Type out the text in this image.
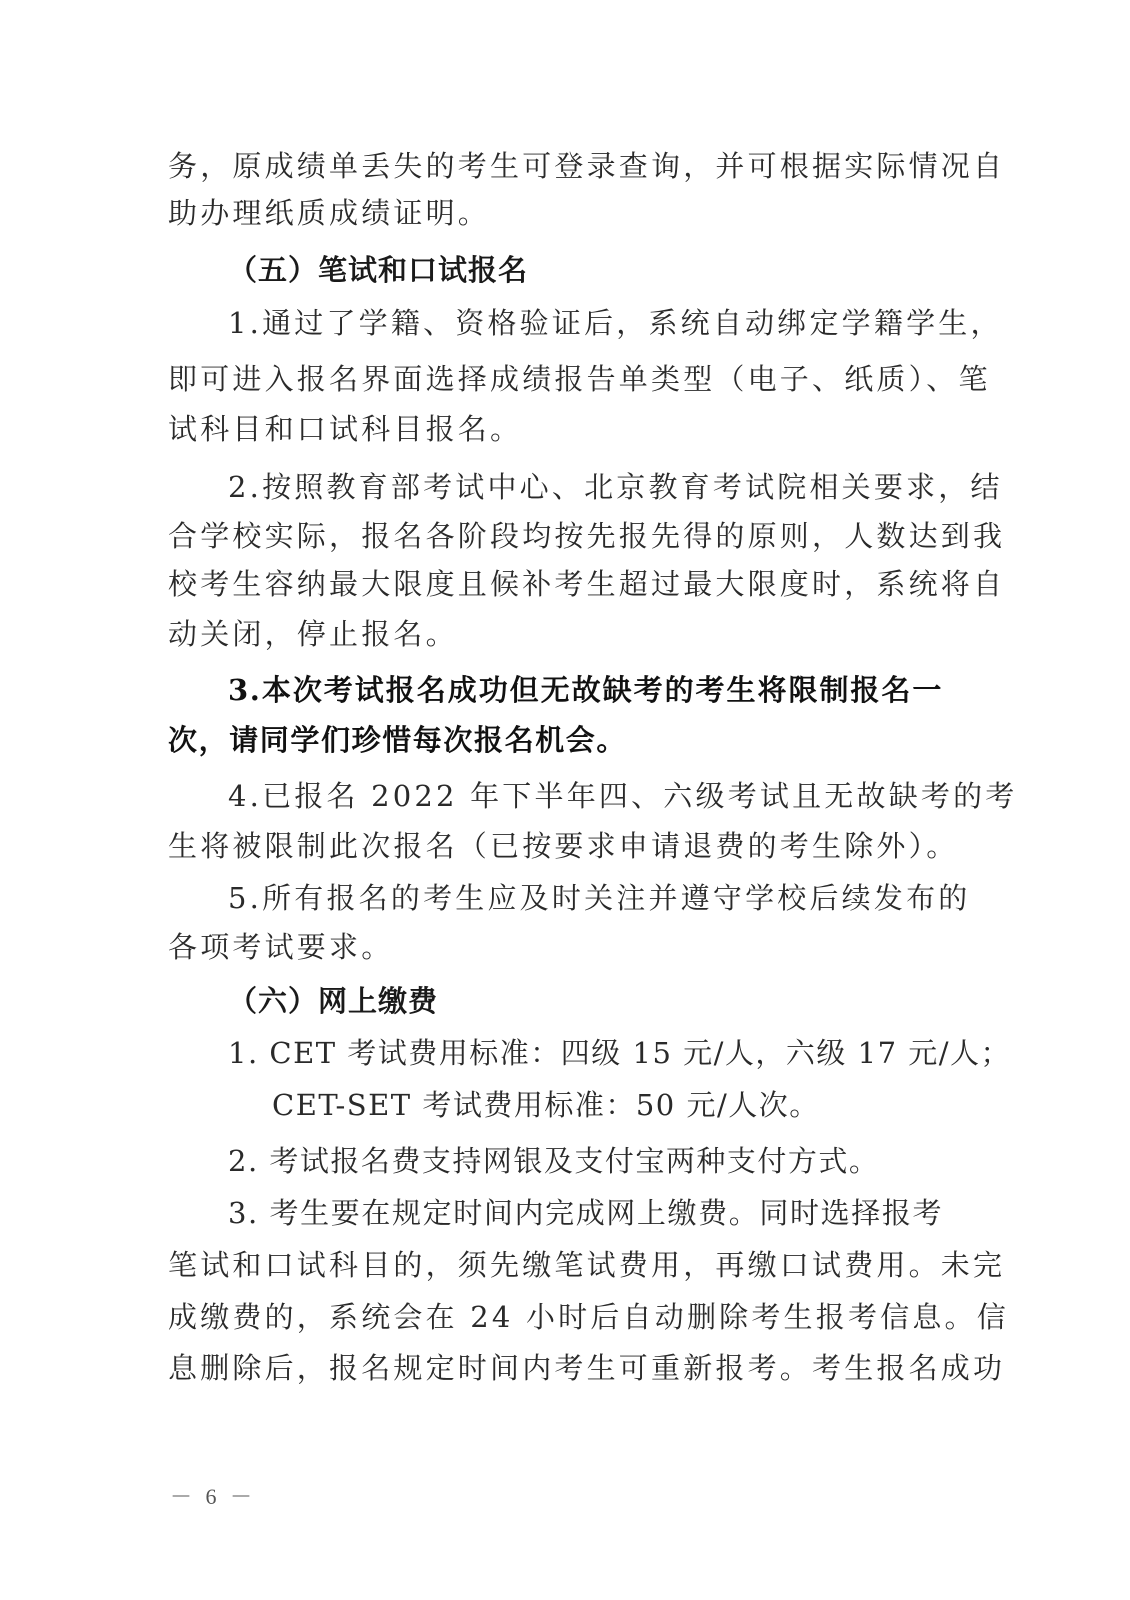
务，原成绩单丢失的考生可登录查询，并可根据实际情况自
助办理纸质成绩证明。
（五）笔试和口试报名
1.通过了学籍、资格验证后，系统自动绑定学籍学生，
即可进入报名界面选择成绩报告单类型（电子、纸质）、笔
试科目和口试科目报名。
2.按照教育部考试中心、北京教育考试院相关要求，结
合学校实际，报名各阶段均按先报先得的原则，人数达到我
校考生容纳最大限度且候补考生超过最大限度时，系统将自
动关闭，停止报名。
3.本次考试报名成功但无故缺考的考生将限制报名一
次，请同学们珍惜每次报名机会。
4.已报名 2022 年下半年四、六级考试且无故缺考的考
生将被限制此次报名（已按要求申请退费的考生除外）。
5.所有报名的考生应及时关注并遵守学校后续发布的
各项考试要求。
（六）网上缴费
1. CET 考试费用标准：四级 15 元/人，六级 17 元/人；
CET-SET 考试费用标准：50 元/人次。
2. 考试报名费支持网银及支付宝两种支付方式。
3. 考生要在规定时间内完成网上缴费。同时选择报考
笔试和口试科目的，须先缴笔试费用，再缴口试费用。未完
成缴费的，系统会在 24 小时后自动删除考生报考信息。信
息删除后，报名规定时间内考生可重新报考。考生报名成功
－ 6 －
